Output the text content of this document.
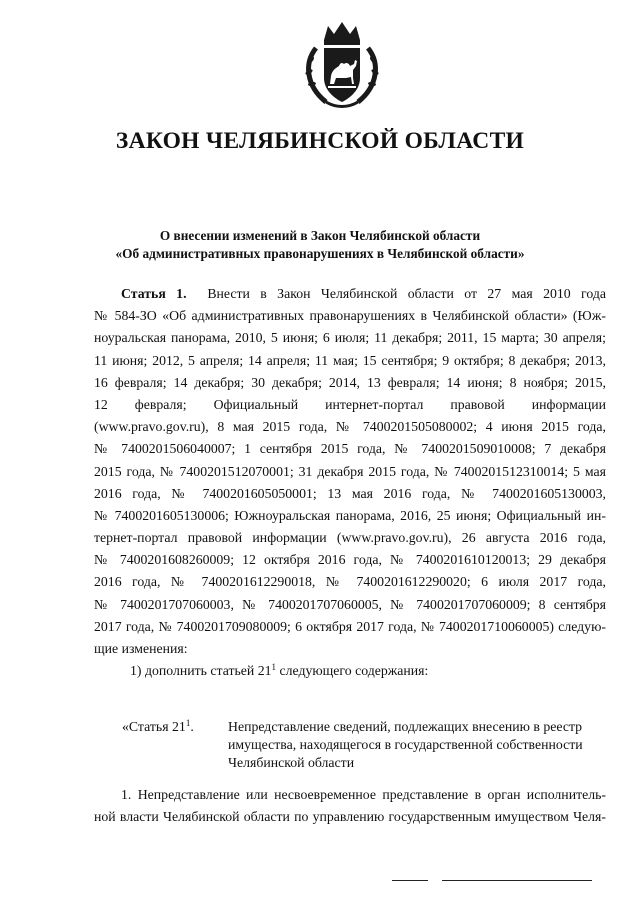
ЗАКОН ЧЕЛЯБИНСКОЙ ОБЛАСТИ
О внесении изменений в Закон Челябинской области
«Об административных правонарушениях в Челябинской области»
Статья 1. Внести в Закон Челябинской области от 27 мая 2010 года
№ 584-ЗО «Об административных правонарушениях в Челябинской области» (Юж-
ноуральская панорама, 2010, 5 июня; 6 июля; 11 декабря; 2011, 15 марта; 30 апреля;
11 июня; 2012, 5 апреля; 14 апреля; 11 мая; 15 сентября; 9 октября; 8 декабря; 2013,
16 февраля; 14 декабря; 30 декабря; 2014, 13 февраля; 14 июня; 8 ноября; 2015,
12 февраля; Официальный интернет-портал правовой информации
(www.pravo.gov.ru), 8 мая 2015 года, № 7400201505080002; 4 июня 2015 года,
№ 7400201506040007; 1 сентября 2015 года, № 7400201509010008; 7 декабря
2015 года, № 7400201512070001; 31 декабря 2015 года, № 7400201512310014; 5 мая
2016 года, № 7400201605050001; 13 мая 2016 года, № 7400201605130003,
№ 7400201605130006; Южноуральская панорама, 2016, 25 июня; Официальный ин-
тернет-портал правовой информации (www.pravo.gov.ru), 26 августа 2016 года,
№ 7400201608260009; 12 октября 2016 года, № 7400201610120013; 29 декабря
2016 года, № 7400201612290018, № 7400201612290020; 6 июля 2017 года,
№ 7400201707060003, № 7400201707060005, № 7400201707060009; 8 сентября
2017 года, № 7400201709080009; 6 октября 2017 года, № 7400201710060005) следую-
щие изменения:
1) дополнить статьей $21^1$ следующего содержания:
«Статья $21^1$.	Непредставление сведений, подлежащих внесению в реестр
имущества, находящегося в государственной собственности
Челябинской области
1. Непредставление или несвоевременное представление в орган исполнитель-
ной власти Челябинской области по управлению государственным имуществом Челя-
